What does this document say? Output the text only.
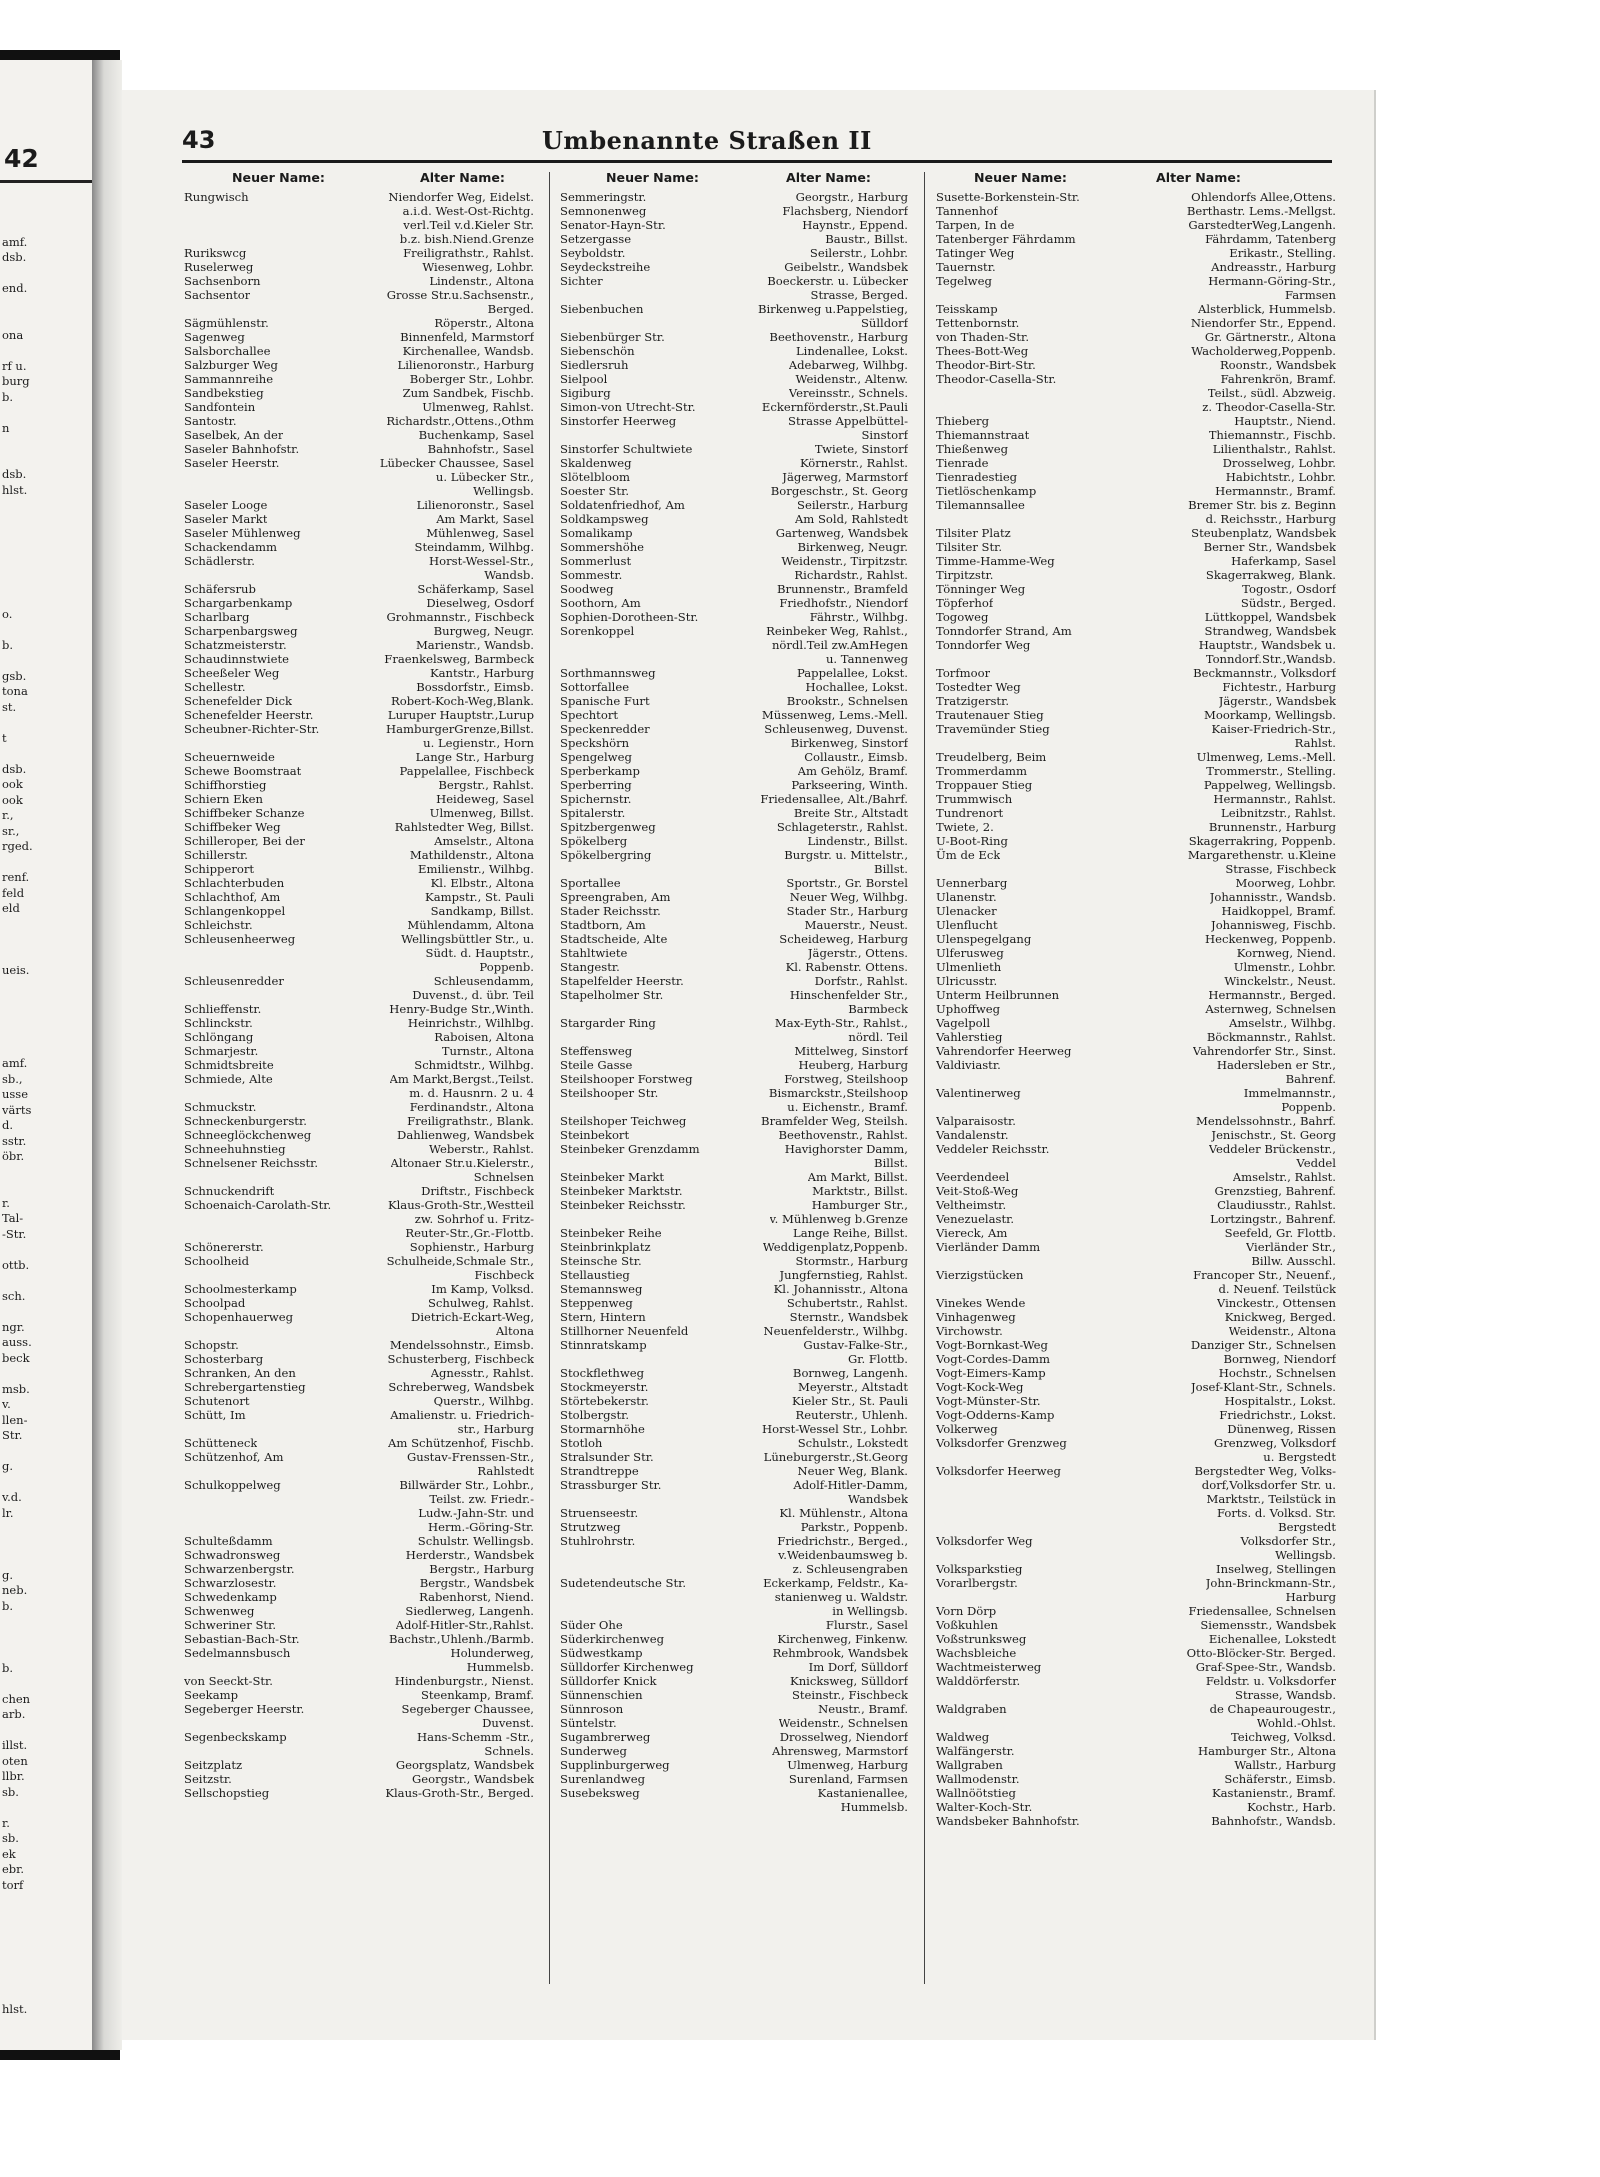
42
amf.
dsb.
end.
ona
rf u.
burg
b.
n
dsb.
hlst.
o.
b.
gsb.
tona
st.
t
dsb.
ook
ook
r.,
sr.,
rged.
renf.
feld
eld
ueis.
amf.
sb.,
usse
värts
d.
sstr.
öbr.
r.
Tal-
-Str.
ottb.
sch.
ngr.
auss.
beck
msb.
v.
llen-
Str.
g.
v.d.
lr.
g.
neb.
b.
b.
chen
arb.
illst.
oten
llbr.
sb.
r.
sb.
ek
ebr.
torf
hlst.
43	Umbenannte Straßen II
Neuer Name:	Alter Name:
Rungwisch	Niendorfer Weg, Eidelst.
a.i.d. West-Ost-Richtg.
verl.Teil v.d.Kieler Str.
b.z. bish.Niend.Grenze
Rurikswcg	Freiligrathstr., Rahlst.
Ruselerweg	Wiesenweg, Lohbr.
Sachsenborn	Lindenstr., Altona
Sachsentor	Grosse Str.u.Sachsenstr.,
Berged.
Sägmühlenstr.	Röperstr., Altona
Sagenweg	Binnenfeld, Marmstorf
Salsborchallee	Kirchenallee, Wandsb.
Salzburger Weg	Lilienoronstr., Harburg
Sammannreihe	Boberger Str., Lohbr.
Sandbekstieg	Zum Sandbek, Fischb.
Sandfontein	Ulmenweg, Rahlst.
Santostr.	Richardstr.,Ottens.,Othm
Saselbek, An der	Buchenkamp, Sasel
Saseler Bahnhofstr.	Bahnhofstr., Sasel
Saseler Heerstr.	Lübecker Chaussee, Sasel
u. Lübecker Str.,
Wellingsb.
Saseler Looge	Lilienoronstr., Sasel
Saseler Markt	Am Markt, Sasel
Saseler Mühlenweg	Mühlenweg, Sasel
Schackendamm	Steindamm, Wilhbg.
Schädlerstr.	Horst-Wessel-Str.,
Wandsb.
Schäfersrub	Schäferkamp, Sasel
Schargarbenkamp	Dieselweg, Osdorf
Scharlbarg	Grohmannstr., Fischbeck
Scharpenbargsweg	Burgweg, Neugr.
Schatzmeisterstr.	Marienstr., Wandsb.
Schaudinnstwiete	Fraenkelsweg, Barmbeck
Scheeßeler Weg	Kantstr., Harburg
Schellestr.	Bossdorfstr., Eimsb.
Schenefelder Dick	Robert-Koch-Weg,Blank.
Schenefelder Heerstr.	Luruper Hauptstr.,Lurup
Scheubner-Richter-Str.	HamburgerGrenze,Billst.
u. Legienstr., Horn
Scheuernweide	Lange Str., Harburg
Schewe Boomstraat	Pappelallee, Fischbeck
Schiffhorstieg	Bergstr., Rahlst.
Schiern Eken	Heideweg, Sasel
Schiffbeker Schanze	Ulmenweg, Billst.
Schiffbeker Weg	Rahlstedter Weg, Billst.
Schilleroper, Bei der	Amselstr., Altona
Schillerstr.	Mathildenstr., Altona
Schipperort	Emilienstr., Wilhbg.
Schlachterbuden	Kl. Elbstr., Altona
Schlachthof, Am	Kampstr., St. Pauli
Schlangenkoppel	Sandkamp, Billst.
Schleichstr.	Mühlendamm, Altona
Schleusenheerweg	Wellingsbüttler Str., u.
Südt. d. Hauptstr.,
Poppenb.
Schleusenredder	Schleusendamm,
Duvenst., d. übr. Teil
Schlieffenstr.	Henry-Budge Str.,Winth.
Schlinckstr.	Heinrichstr., Wilhlbg.
Schlöngang	Raboisen, Altona
Schmarjestr.	Turnstr., Altona
Schmidtsbreite	Schmidtstr., Wilhbg.
Schmiede, Alte	Am Markt,Bergst.,Teilst.
m. d. Hausnrn. 2 u. 4
Schmuckstr.	Ferdinandstr., Altona
Schneckenburgerstr.	Freiligrathstr., Blank.
Schneeglöckchenweg	Dahlienweg, Wandsbek
Schneehuhnstieg	Weberstr., Rahlst.
Schnelsener Reichsstr.	Altonaer Str.u.Kielerstr.,
Schnelsen
Schnuckendrift	Driftstr., Fischbeck
Schoenaich-Carolath-Str.	Klaus-Groth-Str.,Westteil
zw. Sohrhof u. Fritz-
Reuter-Str.,Gr.-Flottb.
Schönererstr.	Sophienstr., Harburg
Schoolheid	Schulheide,Schmale Str.,
Fischbeck
Schoolmesterkamp	Im Kamp, Volksd.
Schoolpad	Schulweg, Rahlst.
Schopenhauerweg	Dietrich-Eckart-Weg,
Altona
Schopstr.	Mendelssohnstr., Eimsb.
Schosterbarg	Schusterberg, Fischbeck
Schranken, An den	Agnesstr., Rahlst.
Schrebergartenstieg	Schreberweg, Wandsbek
Schutenort	Querstr., Wilhbg.
Schütt, Im	Amalienstr. u. Friedrich-
str., Harburg
Schütteneck	Am Schützenhof, Fischb.
Schützenhof, Am	Gustav-Frenssen-Str.,
Rahlstedt
Schulkoppelweg	Billwärder Str., Lohbr.,
Teilst. zw. Friedr.-
Ludw.-Jahn-Str. und
Herm.-Göring-Str.
Schulteßdamm	Schulstr. Wellingsb.
Schwadronsweg	Herderstr., Wandsbek
Schwarzenbergstr.	Bergstr., Harburg
Schwarzlosestr.	Bergstr., Wandsbek
Schwedenkamp	Rabenhorst, Niend.
Schwenweg	Siedlerweg, Langenh.
Schweriner Str.	Adolf-Hitler-Str.,Rahlst.
Sebastian-Bach-Str.	Bachstr.,Uhlenh./Barmb.
Sedelmannsbusch	Holunderweg,
Hummelsb.
von Seeckt-Str.	Hindenburgstr., Nienst.
Seekamp	Steenkamp, Bramf.
Segeberger Heerstr.	Segeberger Chaussee,
Duvenst.
Segenbeckskamp	Hans-Schemm -Str.,
Schnels.
Seitzplatz	Georgsplatz, Wandsbek
Seitzstr.	Georgstr., Wandsbek
Sellschopstieg	Klaus-Groth-Str., Berged.
Neuer Name:	Alter Name:
Semmeringstr.	Georgstr., Harburg
Semnonenweg	Flachsberg, Niendorf
Senator-Hayn-Str.	Haynstr., Eppend.
Setzergasse	Baustr., Billst.
Seyboldstr.	Seilerstr., Lohbr.
Seydeckstreihe	Geibelstr., Wandsbek
Sichter	Boeckerstr. u. Lübecker
Strasse, Berged.
Siebenbuchen	Birkenweg u.Pappelstieg,
Sülldorf
Siebenbürger Str.	Beethovenstr., Harburg
Siebenschön	Lindenallee, Lokst.
Siedlersruh	Adebarweg, Wilhbg.
Sielpool	Weidenstr., Altenw.
Sigiburg	Vereinsstr., Schnels.
Simon-von Utrecht-Str.	Eckernförderstr.,St.Pauli
Sinstorfer Heerweg	Strasse Appelbüttel-
Sinstorf
Sinstorfer Schultwiete	Twiete, Sinstorf
Skaldenweg	Körnerstr., Rahlst.
Slötelbloom	Jägerweg, Marmstorf
Soester Str.	Borgeschstr., St. Georg
Soldatenfriedhof, Am	Seilerstr., Harburg
Soldkampsweg	Am Sold, Rahlstedt
Somalikamp	Gartenweg, Wandsbek
Sommershöhe	Birkenweg, Neugr.
Sommerlust	Weidenstr., Tirpitzstr.
Sommestr.	Richardstr., Rahlst.
Soodweg	Brunnenstr., Bramfeld
Soothorn, Am	Friedhofstr., Niendorf
Sophien-Dorotheen-Str.	Fährstr., Wilhbg.
Sorenkoppel	Reinbeker Weg, Rahlst.,
nördl.Teil zw.AmHegen
u. Tannenweg
Sorthmannsweg	Pappelallee, Lokst.
Sottorfallee	Hochallee, Lokst.
Spanische Furt	Brookstr., Schnelsen
Spechtort	Müssenweg, Lems.-Mell.
Speckenredder	Schleusenweg, Duvenst.
Speckshörn	Birkenweg, Sinstorf
Spengelweg	Collaustr., Eimsb.
Sperberkamp	Am Gehölz, Bramf.
Sperberring	Parkseering, Winth.
Spichernstr.	Friedensallee, Alt./Bahrf.
Spitalerstr.	Breite Str., Altstadt
Spitzbergenweg	Schlageterstr., Rahlst.
Spökelberg	Lindenstr., Billst.
Spökelbergring	Burgstr. u. Mittelstr.,
Billst.
Sportallee	Sportstr., Gr. Borstel
Spreengraben, Am	Neuer Weg, Wilhbg.
Stader Reichsstr.	Stader Str., Harburg
Stadtborn, Am	Mauerstr., Neust.
Stadtscheide, Alte	Scheideweg, Harburg
Stahltwiete	Jägerstr., Ottens.
Stangestr.	Kl. Rabenstr. Ottens.
Stapelfelder Heerstr.	Dorfstr., Rahlst.
Stapelholmer Str.	Hinschenfelder Str.,
Barmbeck
Stargarder Ring	Max-Eyth-Str., Rahlst.,
nördl. Teil
Steffensweg	Mittelweg, Sinstorf
Steile Gasse	Heuberg, Harburg
Steilshooper Forstweg	Forstweg, Steilshoop
Steilshooper Str.	Bismarckstr.,Steilshoop
u. Eichenstr., Bramf.
Steilshoper Teichweg	Bramfelder Weg, Steilsh.
Steinbekort	Beethovenstr., Rahlst.
Steinbeker Grenzdamm	Havighorster Damm,
Billst.
Steinbeker Markt	Am Markt, Billst.
Steinbeker Marktstr.	Marktstr., Billst.
Steinbeker Reichsstr.	Hamburger Str.,
v. Mühlenweg b.Grenze
Steinbeker Reihe	Lange Reihe, Billst.
Steinbrinkplatz	Weddigenplatz,Poppenb.
Steinsche Str.	Stormstr., Harburg
Stellaustieg	Jungfernstieg, Rahlst.
Stemannsweg	Kl. Johannisstr., Altona
Steppenweg	Schubertstr., Rahlst.
Stern, Hintern	Sternstr., Wandsbek
Stillhorner Neuenfeld	Neuenfelderstr., Wilhbg.
Stinnratskamp	Gustav-Falke-Str.,
Gr. Flottb.
Stockflethweg	Bornweg, Langenh.
Stockmeyerstr.	Meyerstr., Altstadt
Störtebekerstr.	Kieler Str., St. Pauli
Stolbergstr.	Reuterstr., Uhlenh.
Stormarnhöhe	Horst-Wessel Str., Lohbr.
Stotloh	Schulstr., Lokstedt
Stralsunder Str.	Lüneburgerstr.,St.Georg
Strandtreppe	Neuer Weg, Blank.
Strassburger Str.	Adolf-Hitler-Damm,
Wandsbek
Struenseestr.	Kl. Mühlenstr., Altona
Strutzweg	Parkstr., Poppenb.
Stuhlrohrstr.	Friedrichstr., Berged.,
v.Weidenbaumsweg b.
z. Schleusengraben
Sudetendeutsche Str.	Eckerkamp, Feldstr., Ka-
stanienweg u. Waldstr.
in Wellingsb.
Süder Ohe	Flurstr., Sasel
Süderkirchenweg	Kirchenweg, Finkenw.
Südwestkamp	Rehmbrook, Wandsbek
Sülldorfer Kirchenweg	Im Dorf, Sülldorf
Sülldorfer Knick	Knicksweg, Sülldorf
Sünnenschien	Steinstr., Fischbeck
Sünnroson	Neustr., Bramf.
Süntelstr.	Weidenstr., Schnelsen
Sugambrerweg	Drosselweg, Niendorf
Sunderweg	Ahrensweg, Marmstorf
Supplinburgerweg	Ulmenweg, Harburg
Surenlandweg	Surenland, Farmsen
Susebeksweg	Kastanienallee,
Hummelsb.
Neuer Name:	Alter Name:
Susette-Borkenstein-Str.	Ohlendorfs Allee,Ottens.
Tannenhof	Berthastr. Lems.-Mellgst.
Tarpen, In de	GarstedterWeg,Langenh.
Tatenberger Fährdamm	Fährdamm, Tatenberg
Tatinger Weg	Erikastr., Stelling.
Tauernstr.	Andreasstr., Harburg
Tegelweg	Hermann-Göring-Str.,
Farmsen
Teisskamp	Alsterblick, Hummelsb.
Tettenbornstr.	Niendorfer Str., Eppend.
von Thaden-Str.	Gr. Gärtnerstr., Altona
Thees-Bott-Weg	Wacholderweg,Poppenb.
Theodor-Birt-Str.	Roonstr., Wandsbek
Theodor-Casella-Str.	Fahrenkrön, Bramf.
Teilst., südl. Abzweig.
z. Theodor-Casella-Str.
Thieberg	Hauptstr., Niend.
Thiemannstraat	Thiemannstr., Fischb.
Thießenweg	Lilienthalstr., Rahlst.
Tienrade	Drosselweg, Lohbr.
Tienradestieg	Habichtstr., Lohbr.
Tietlöschenkamp	Hermannstr., Bramf.
Tilemannsallee	Bremer Str. bis z. Beginn
d. Reichsstr., Harburg
Tilsiter Platz	Steubenplatz, Wandsbek
Tilsiter Str.	Berner Str., Wandsbek
Timme-Hamme-Weg	Haferkamp, Sasel
Tirpitzstr.	Skagerrakweg, Blank.
Tönninger Weg	Togostr., Osdorf
Töpferhof	Südstr., Berged.
Togoweg	Lüttkoppel, Wandsbek
Tonndorfer Strand, Am	Strandweg, Wandsbek
Tonndorfer Weg	Hauptstr., Wandsbek u.
Tonndorf.Str.,Wandsb.
Torfmoor	Beckmannstr., Volksdorf
Tostedter Weg	Fichtestr., Harburg
Tratzigerstr.	Jägerstr., Wandsbek
Trautenauer Stieg	Moorkamp, Wellingsb.
Travemünder Stieg	Kaiser-Friedrich-Str.,
Rahlst.
Treudelberg, Beim	Ulmenweg, Lems.-Mell.
Trommerdamm	Trommerstr., Stelling.
Troppauer Stieg	Pappelweg, Wellingsb.
Trummwisch	Hermannstr., Rahlst.
Tundrenort	Leibnitzstr., Rahlst.
Twiete, 2.	Brunnenstr., Harburg
U-Boot-Ring	Skagerrakring, Poppenb.
Üm de Eck	Margarethenstr. u.Kleine
Strasse, Fischbeck
Uennerbarg	Moorweg, Lohbr.
Ulanenstr.	Johannisstr., Wandsb.
Ulenacker	Haidkoppel, Bramf.
Ulenflucht	Johannisweg, Fischb.
Ulenspegelgang	Heckenweg, Poppenb.
Ulferusweg	Kornweg, Niend.
Ulmenlieth	Ulmenstr., Lohbr.
Ulricusstr.	Winckelstr., Neust.
Unterm Heilbrunnen	Hermannstr., Berged.
Uphoffweg	Asternweg, Schnelsen
Vagelpoll	Amselstr., Wilhbg.
Vahlerstieg	Böckmannstr., Rahlst.
Vahrendorfer Heerweg	Vahrendorfer Str., Sinst.
Valdiviastr.	Hadersleben er Str.,
Bahrenf.
Valentinerweg	Immelmannstr.,
Poppenb.
Valparaisostr.	Mendelssohnstr., Bahrf.
Vandalenstr.	Jenischstr., St. Georg
Veddeler Reichsstr.	Veddeler Brückenstr.,
Veddel
Veerdendeel	Amselstr., Rahlst.
Veit-Stoß-Weg	Grenzstieg, Bahrenf.
Veltheimstr.	Claudiusstr., Rahlst.
Venezuelastr.	Lortzingstr., Bahrenf.
Viereck, Am	Seefeld, Gr. Flottb.
Vierländer Damm	Vierländer Str.,
Billw. Ausschl.
Vierzigstücken	Francoper Str., Neuenf.,
d. Neuenf. Teilstück
Vinekes Wende	Vinckestr., Ottensen
Vinhagenweg	Knickweg, Berged.
Virchowstr.	Weidenstr., Altona
Vogt-Bornkast-Weg	Danziger Str., Schnelsen
Vogt-Cordes-Damm	Bornweg, Niendorf
Vogt-Eimers-Kamp	Hochstr., Schnelsen
Vogt-Kock-Weg	Josef-Klant-Str., Schnels.
Vogt-Münster-Str.	Hospitalstr., Lokst.
Vogt-Odderns-Kamp	Friedrichstr., Lokst.
Volkerweg	Dünenweg, Rissen
Volksdorfer Grenzweg	Grenzweg, Volksdorf
u. Bergstedt
Volksdorfer Heerweg	Bergstedter Weg, Volks-
dorf,Volksdorfer Str. u.
Marktstr., Teilstück in
Forts. d. Volksd. Str.
Bergstedt
Volksdorfer Weg	Volksdorfer Str.,
Wellingsb.
Volksparkstieg	Inselweg, Stellingen
Vorarlbergstr.	John-Brinckmann-Str.,
Harburg
Vorn Dörp	Friedensallee, Schnelsen
Voßkuhlen	Siemensstr., Wandsbek
Voßstrunksweg	Eichenallee, Lokstedt
Wachsbleiche	Otto-Blöcker-Str. Berged.
Wachtmeisterweg	Graf-Spee-Str., Wandsb.
Walddörferstr.	Feldstr. u. Volksdorfer
Strasse, Wandsb.
Waldgraben	de Chapeaurougestr.,
Wohld.-Ohlst.
Waldweg	Teichweg, Volksd.
Walfängerstr.	Hamburger Str., Altona
Wallgraben	Wallstr., Harburg
Wallmodenstr.	Schäferstr., Eimsb.
Wallnöötstieg	Kastanienstr., Bramf.
Walter-Koch-Str.	Kochstr., Harb.
Wandsbeker Bahnhofstr.	Bahnhofstr., Wandsb.
